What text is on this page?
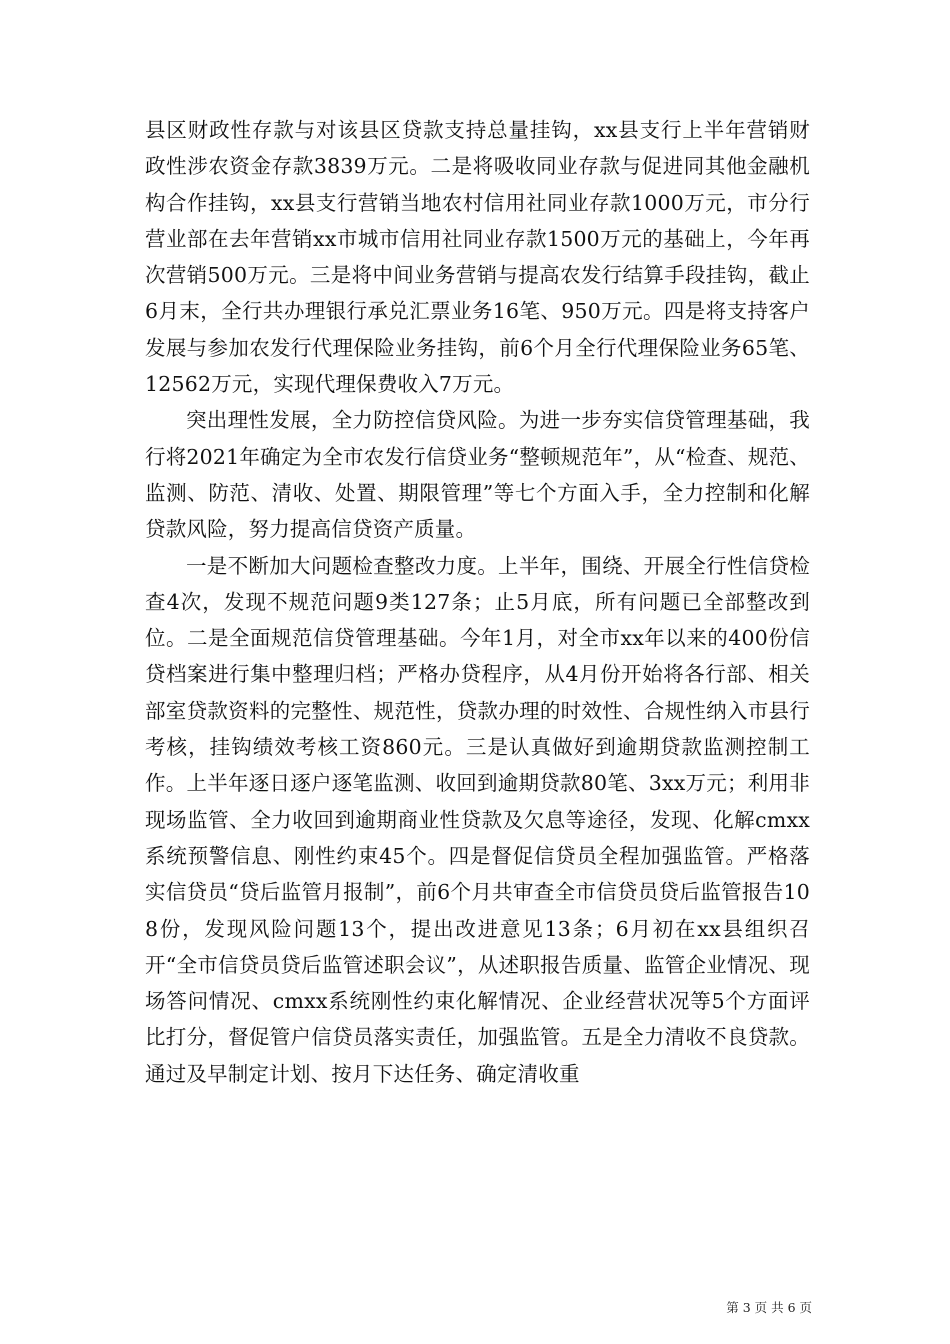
县区财政性存款与对该县区贷款支持总量挂钩，xx县支行上半年营销财政性涉农资金存款3839万元。二是将吸收同业存款与促进同其他金融机构合作挂钩，xx县支行营销当地农村信用社同业存款1000万元，市分行营业部在去年营销xx市城市信用社同业存款1500万元的基础上，今年再次营销500万元。三是将中间业务营销与提高农发行结算手段挂钩，截止6月末，全行共办理银行承兑汇票业务16笔、950万元。四是将支持客户发展与参加农发行代理保险业务挂钩，前6个月全行代理保险业务65笔、12562万元，实现代理保费收入7万元。

突出理性发展，全力防控信贷风险。为进一步夯实信贷管理基础，我行将2021年确定为全市农发行信贷业务“整顿规范年”，从“检查、规范、监测、防范、清收、处置、期限管理”等七个方面入手，全力控制和化解贷款风险，努力提高信贷资产质量。

一是不断加大问题检查整改力度。上半年，围绕、开展全行性信贷检查4次，发现不规范问题9类127条；止5月底，所有问题已全部整改到位。二是全面规范信贷管理基础。今年1月，对全市xx年以来的400份信贷档案进行集中整理归档；严格办贷程序，从4月份开始将各行部、相关部室贷款资料的完整性、规范性，贷款办理的时效性、合规性纳入市县行考核，挂钩绩效考核工资860元。三是认真做好到逾期贷款监测控制工作。上半年逐日逐户逐笔监测、收回到逾期贷款80笔、3xx万元；利用非现场监管、全力收回到逾期商业性贷款及欠息等途径，发现、化解cmxx系统预警信息、刚性约束45个。四是督促信贷员全程加强监管。严格落实信贷员“贷后监管月报制”，前6个月共审查全市信贷员贷后监管报告108份，发现风险问题13个，提出改进意见13条；6月初在xx县组织召开“全市信贷员贷后监管述职会议”，从述职报告质量、监管企业情况、现场答问情况、cmxx系统刚性约束化解情况、企业经营状况等5个方面评比打分，督促管户信贷员落实责任，加强监管。五是全力清收不良贷款。通过及早制定计划、按月下达任务、确定清收重

第 3 页 共 6 页
